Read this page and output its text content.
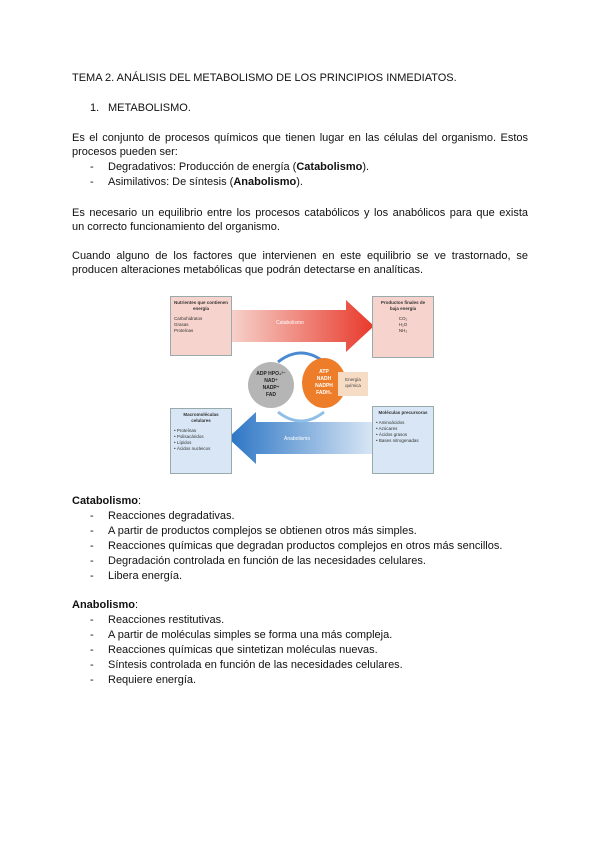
TEMA 2. ANÁLISIS DEL METABOLISMO DE LOS PRINCIPIOS INMEDIATOS.
1. METABOLISMO.
Es el conjunto de procesos químicos que tienen lugar en las células del organismo. Estos
procesos pueden ser:
- Degradativos: Producción de energía (Catabolismo).
- Asimilativos: De síntesis (Anabolismo).
Es necesario un equilibrio entre los procesos catabólicos y los anabólicos para que exista
un correcto funcionamiento del organismo.
Cuando alguno de los factores que intervienen en este equilibrio se ve trastornado, se
producen alteraciones metabólicas que podrán detectarse en analíticas.
Nutrientes que contienen energía
Carbohidratos
Grasas
Proteínas
Productos finales de baja energía
CO₂
H₂O
NH₃
Macromoléculas celulares
• Proteínas
• Polisacáridos
• Lípidos
• Ácidos nucleicos
Moléculas precursoras
• Aminoácidos
• Azúcares
• Ácidos grasos
• Bases nitrogenadas
Catabolismo
Anabolismo
ADP HPO₄²⁻
NAD⁺
NADP⁺
FAD
ATP
NADH
NADPH
FADH₂
Energía química
Catabolismo:
- Reacciones degradativas.
- A partir de productos complejos se obtienen otros más simples.
- Reacciones químicas que degradan productos complejos en otros más sencillos.
- Degradación controlada en función de las necesidades celulares.
- Libera energía.
Anabolismo:
- Reacciones restitutivas.
- A partir de moléculas simples se forma una más compleja.
- Reacciones químicas que sintetizan moléculas nuevas.
- Síntesis controlada en función de las necesidades celulares.
- Requiere energía.
